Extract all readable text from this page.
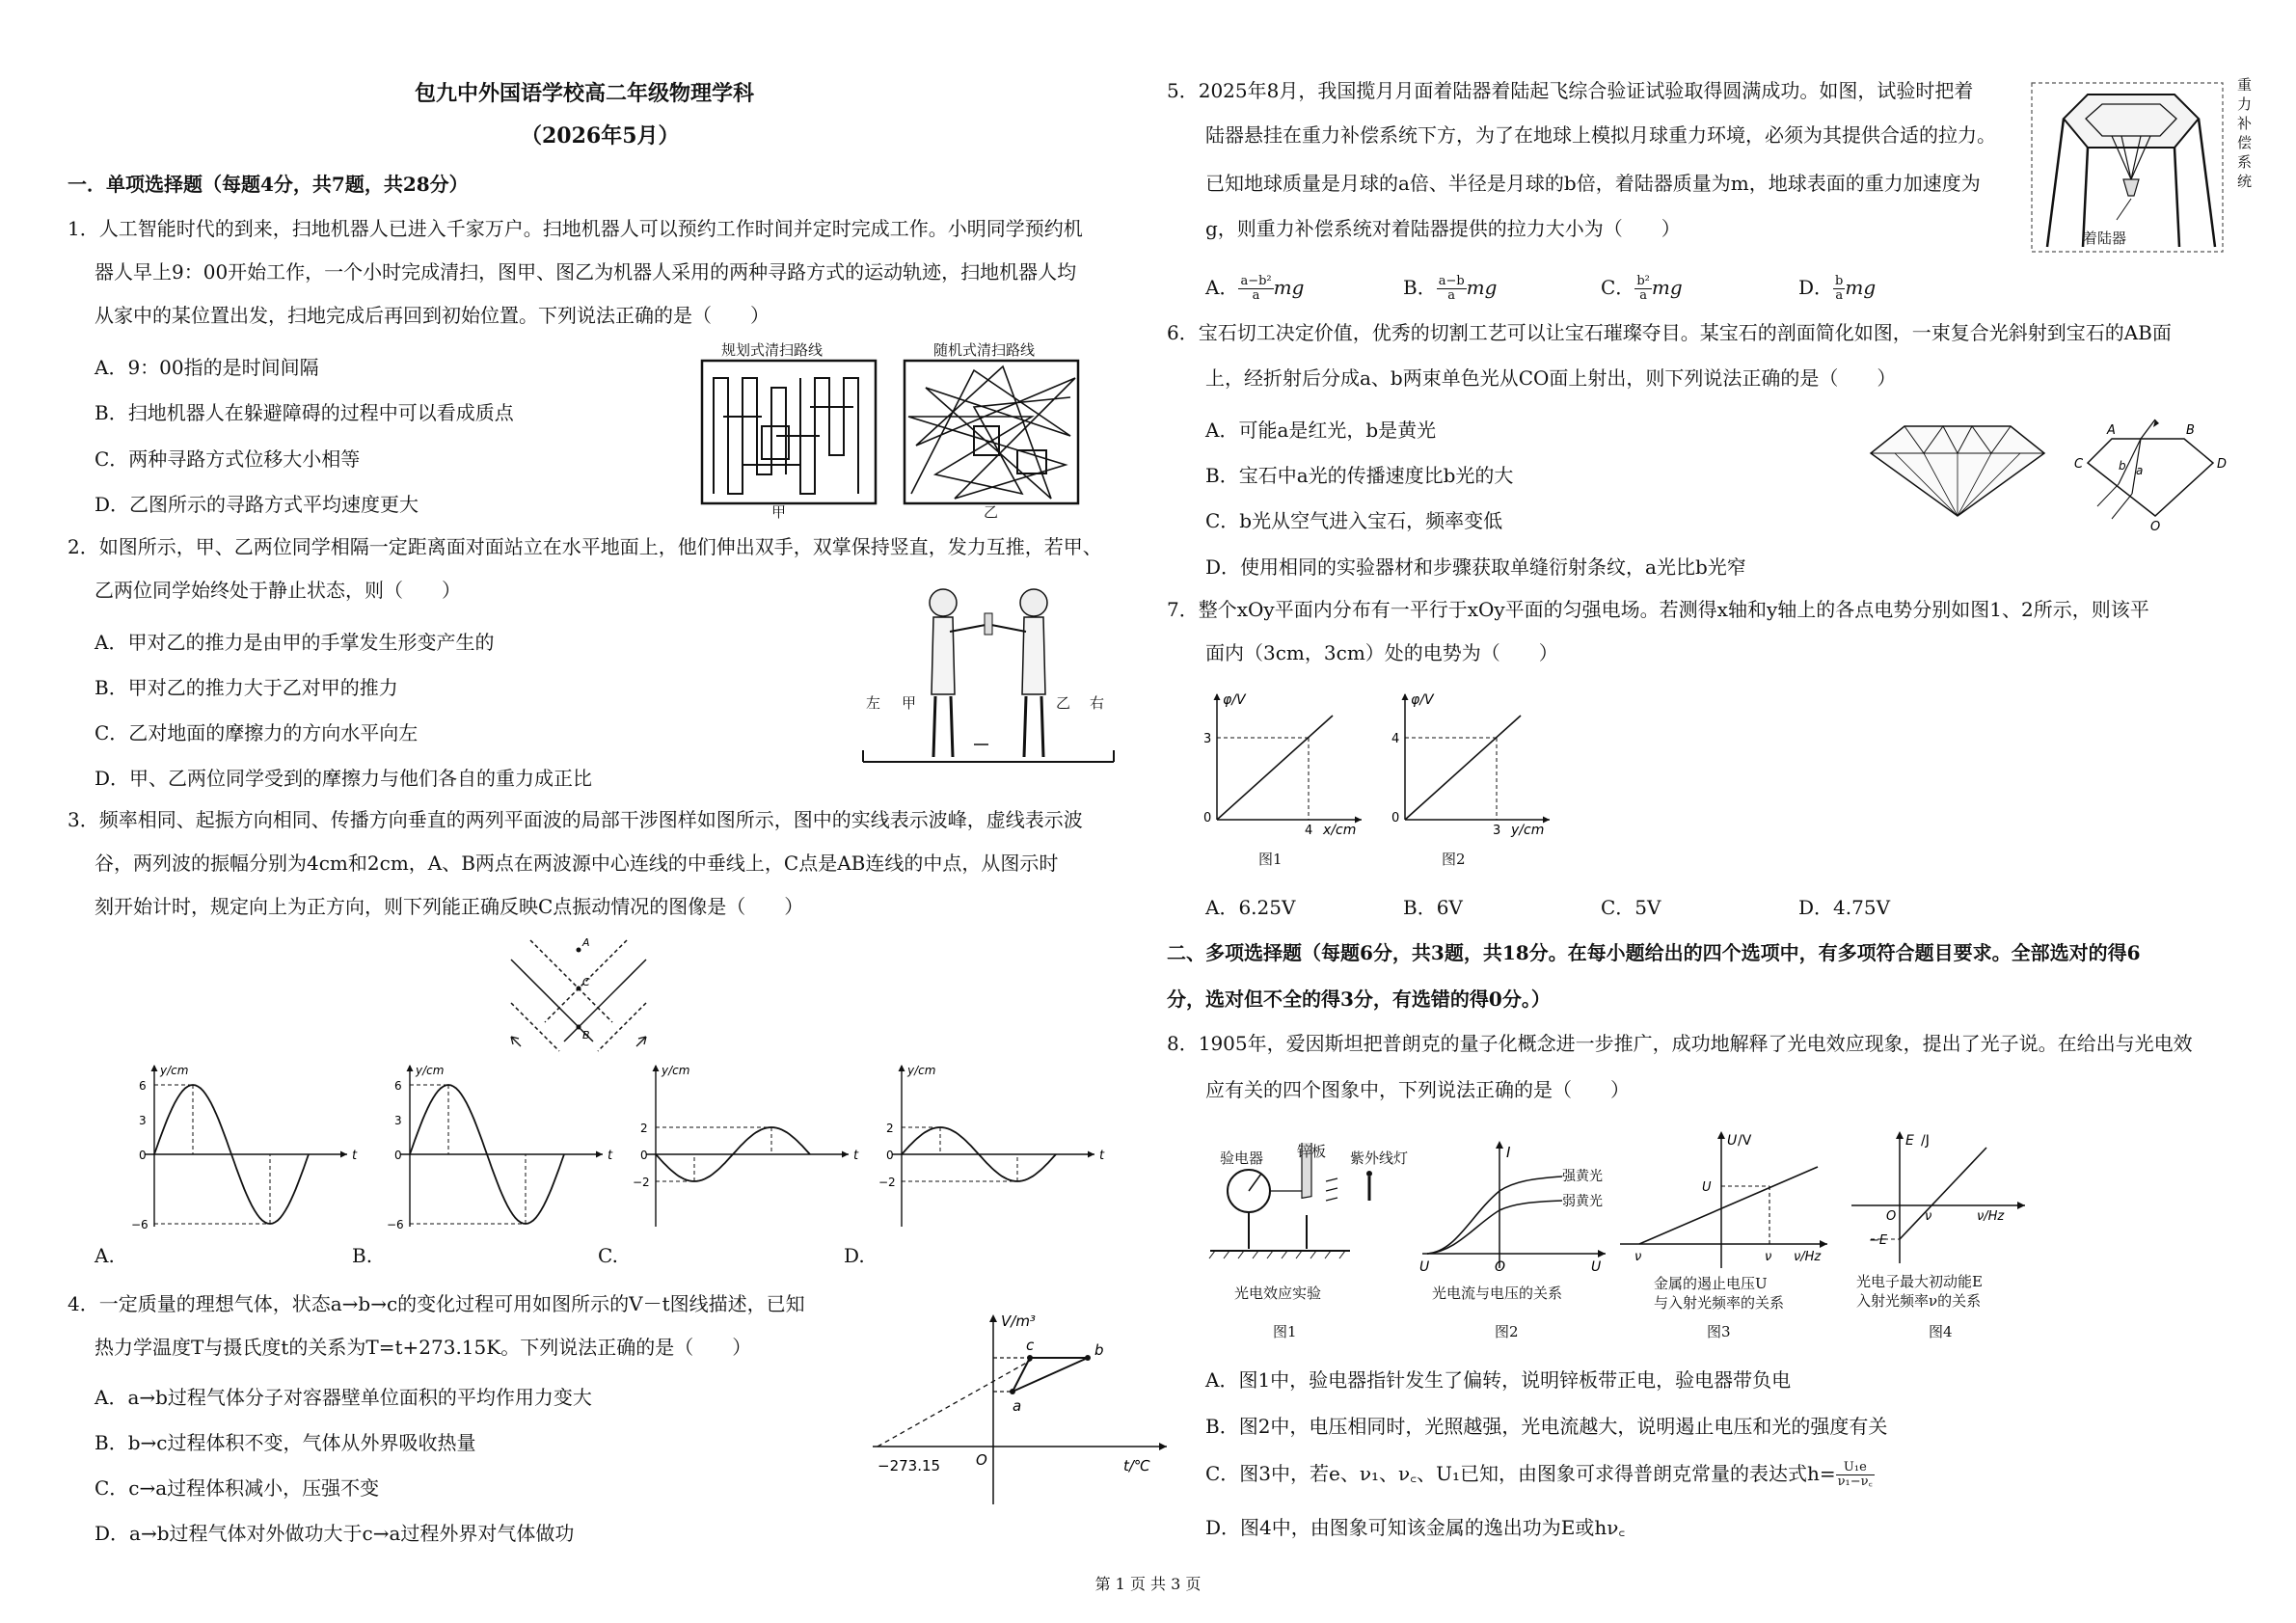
包九中外国语学校高二年级物理学科
（2026年5月）
一．单项选择题（每题4分，共7题，共28分）
1．人工智能时代的到来，扫地机器人已进入千家万户。扫地机器人可以预约工作时间并定时完成工作。小明同学预约机
器人早上9：00开始工作，一个小时完成清扫，图甲、图乙为机器人采用的两种寻路方式的运动轨迹，扫地机器人均
从家中的某位置出发，扫地完成后再回到初始位置。下列说法正确的是（　　）
A．9：00指的是时间间隔
B．扫地机器人在躲避障碍的过程中可以看成质点
C．两种寻路方式位移大小相等
D．乙图所示的寻路方式平均速度更大
规划式清扫路线	随机式清扫路线
甲	乙
2．如图所示，甲、乙两位同学相隔一定距离面对面站立在水平地面上，他们伸出双手，双掌保持竖直，发力互推，若甲、
乙两位同学始终处于静止状态，则（　　）
A．甲对乙的推力是由甲的手掌发生形变产生的
B．甲对乙的推力大于乙对甲的推力
C．乙对地面的摩擦力的方向水平向左
D．甲、乙两位同学受到的摩擦力与他们各自的重力成正比
左 甲	乙 右
3．频率相同、起振方向相同、传播方向垂直的两列平面波的局部干涉图样如图所示，图中的实线表示波峰，虚线表示波
谷，两列波的振幅分别为4cm和2cm，A、B两点在两波源中心连线的中垂线上，C点是AB连线的中点，从图示时
刻开始计时，规定向上为正方向，则下列能正确反映C点振动情况的图像是（　　）
A
C
B
y/cm
t
6
3
0
−6
y/cm
t
6
3
0
−6
y/cm
t
2
0
−2
y/cm
t
2
0
−2
A.	B.	C.	D.
4．一定质量的理想气体，状态a→b→c的变化过程可用如图所示的V－t图线描述，已知
热力学温度T与摄氏度t的关系为T=t+273.15K。下列说法正确的是（　　）
A．a→b过程气体分子对容器壁单位面积的平均作用力变大
B．b→c过程体积不变，气体从外界吸收热量
C．c→a过程体积减小，压强不变
D．a→b过程气体对外做功大于c→a过程外界对气体做功
V/m³
t/℃
−273.15 O
a
b
c
5．2025年8月，我国揽月月面着陆器着陆起飞综合验证试验取得圆满成功。如图，试验时把着
陆器悬挂在重力补偿系统下方，为了在地球上模拟月球重力环境，必须为其提供合适的拉力。
已知地球质量是月球的a倍、半径是月球的b倍，着陆器质量为m，地球表面的重力加速度为
g，则重力补偿系统对着陆器提供的拉力大小为（　　）
A． $\frac{\text{a−b²}}{a}$ mg	B． $\frac{a-b}{a}$ mg	C． $\frac{\text{b²}}{a}$ mg	D． $\frac{b}{a}$ mg
重力补偿系统
着陆器
6．宝石切工决定价值，优秀的切割工艺可以让宝石璀璨夺目。某宝石的剖面简化如图，一束复合光斜射到宝石的AB面
上，经折射后分成a、b两束单色光从CO面上射出，则下列说法正确的是（　　）
A．可能a是红光，b是黄光
B．宝石中a光的传播速度比b光的大
C．b光从空气进入宝石，频率变低
D．使用相同的实验器材和步骤获取单缝衍射条纹，a光比b光窄
A	B
C	D
O
a
b
7．整个xOy平面内分布有一平行于xOy平面的匀强电场。若测得x轴和y轴上的各点电势分别如图1、2所示，则该平
面内（3cm，3cm）处的电势为（　　）
φ/V
x/cm
0
3
4
φ/V
y/cm
0
4
3
图1	图2
A．6.25V	B．6V	C．5V	D．4.75V
二、多项选择题（每题6分，共3题，共18分。在每小题给出的四个选项中，有多项符合题目要求。全部选对的得6
分，选对但不全的得3分，有选错的得0分。）
8．1905年，爱因斯坦把普朗克的量子化概念进一步推广，成功地解释了光电效应现象，提出了光子说。在给出与光电效
应有关的四个图象中，下列说法正确的是（　　）
验电器 锌板 紫外线灯
光电效应实验
图1
I
强黄光
弱黄光
U	O	U
光电流与电压的关系
图2
U /V
U
ν	ν ν/Hz
金属的遏止电压U
与入射光频率的关系
图3
E /J
O ν	ν/Hz
−E
光电子最大初动能E
入射光频率ν的关系
图4
A．图1中，验电器指针发生了偏转，说明锌板带正电，验电器带负电
B．图2中，电压相同时，光照越强，光电流越大，说明遏止电压和光的强度有关
C．图3中，若e、ν₁、ν꜀、U₁已知，由图象可求得普朗克常量的表达式$h= \frac{\text{U₁e}}{\text{ν₁−ν꜀}}$
D．图4中，由图象可知该金属的逸出功为E或hν꜀
第 1 页 共 3 页
